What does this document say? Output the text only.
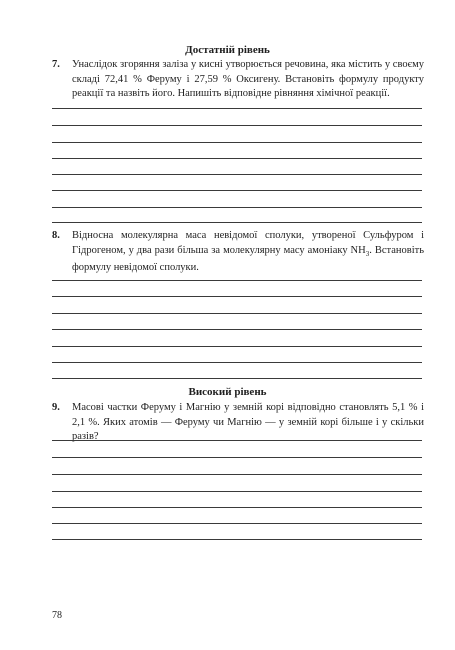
Достатній рівень
7. Унаслідок згоряння заліза у кисні утворюється речовина, яка містить у своєму складі 72,41 % Феруму і 27,59 % Оксигену. Встановіть формулу продукту реакції та назвіть його. Напишіть відповідне рівняння хімічної реакції.
8. Відносна молекулярна маса невідомої сполуки, утвореної Сульфуром і Гідрогеном, у два рази більша за молекулярну масу амоніаку $NH_3$. Встановіть формулу невідомої сполуки.
Високий рівень
9. Масові частки Феруму і Магнію у земній корі відповідно становлять 5,1 % і 2,1 %. Яких атомів — Феруму чи Магнію — у земній корі більше і у скільки разів?
78
